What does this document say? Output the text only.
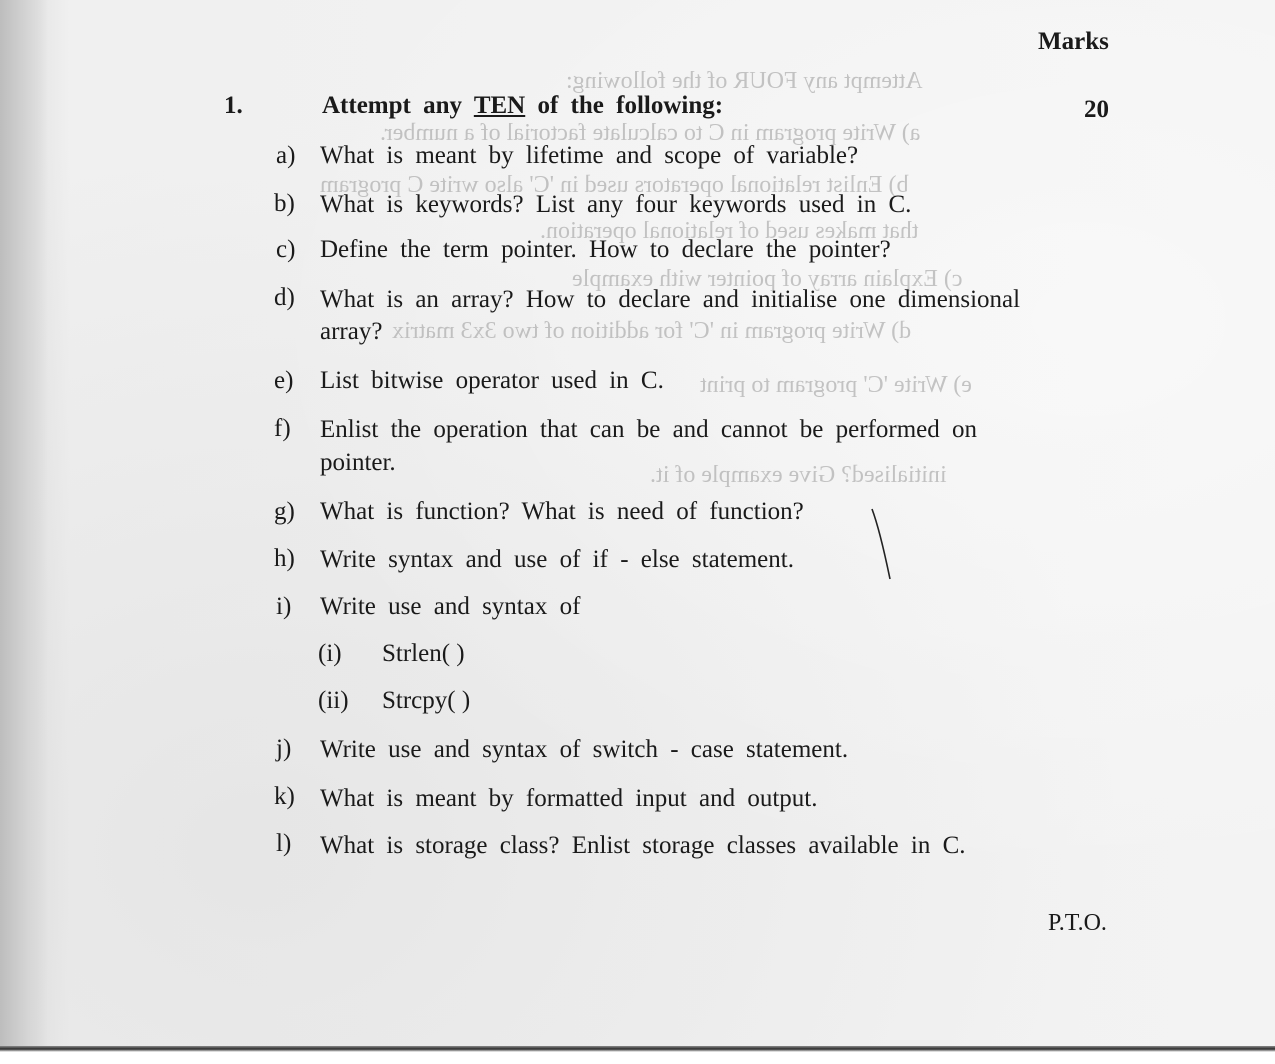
Attempt any FOUR of the following:
a) Write program in C to calculate factorial of a number.
b) Enlist relational operators used in 'C' also write C program
that makes used of relational operation.
c) Explain array of pointer with example
d) Write program in 'C' for addition of two 3x3 matrix
e) Write 'C' program to print
initialised? Give example of it.
Marks
1.	Attempt any TEN of the following:	20
a) What is meant by lifetime and scope of variable?
b) What is keywords? List any four keywords used in C.
c) Define the term pointer. How to declare the pointer?
d) What is an array? How to declare and initialise one dimensional
array?
e) List bitwise operator used in C.
f) Enlist the operation that can be and cannot be performed on
pointer.
g) What is function? What is need of function?
h) Write syntax and use of if - else statement.
i) Write use and syntax of
(i) Strlen( )
(ii) Strcpy( )
j) Write use and syntax of switch - case statement.
k) What is meant by formatted input and output.
l) What is storage class? Enlist storage classes available in C.
P.T.O.
